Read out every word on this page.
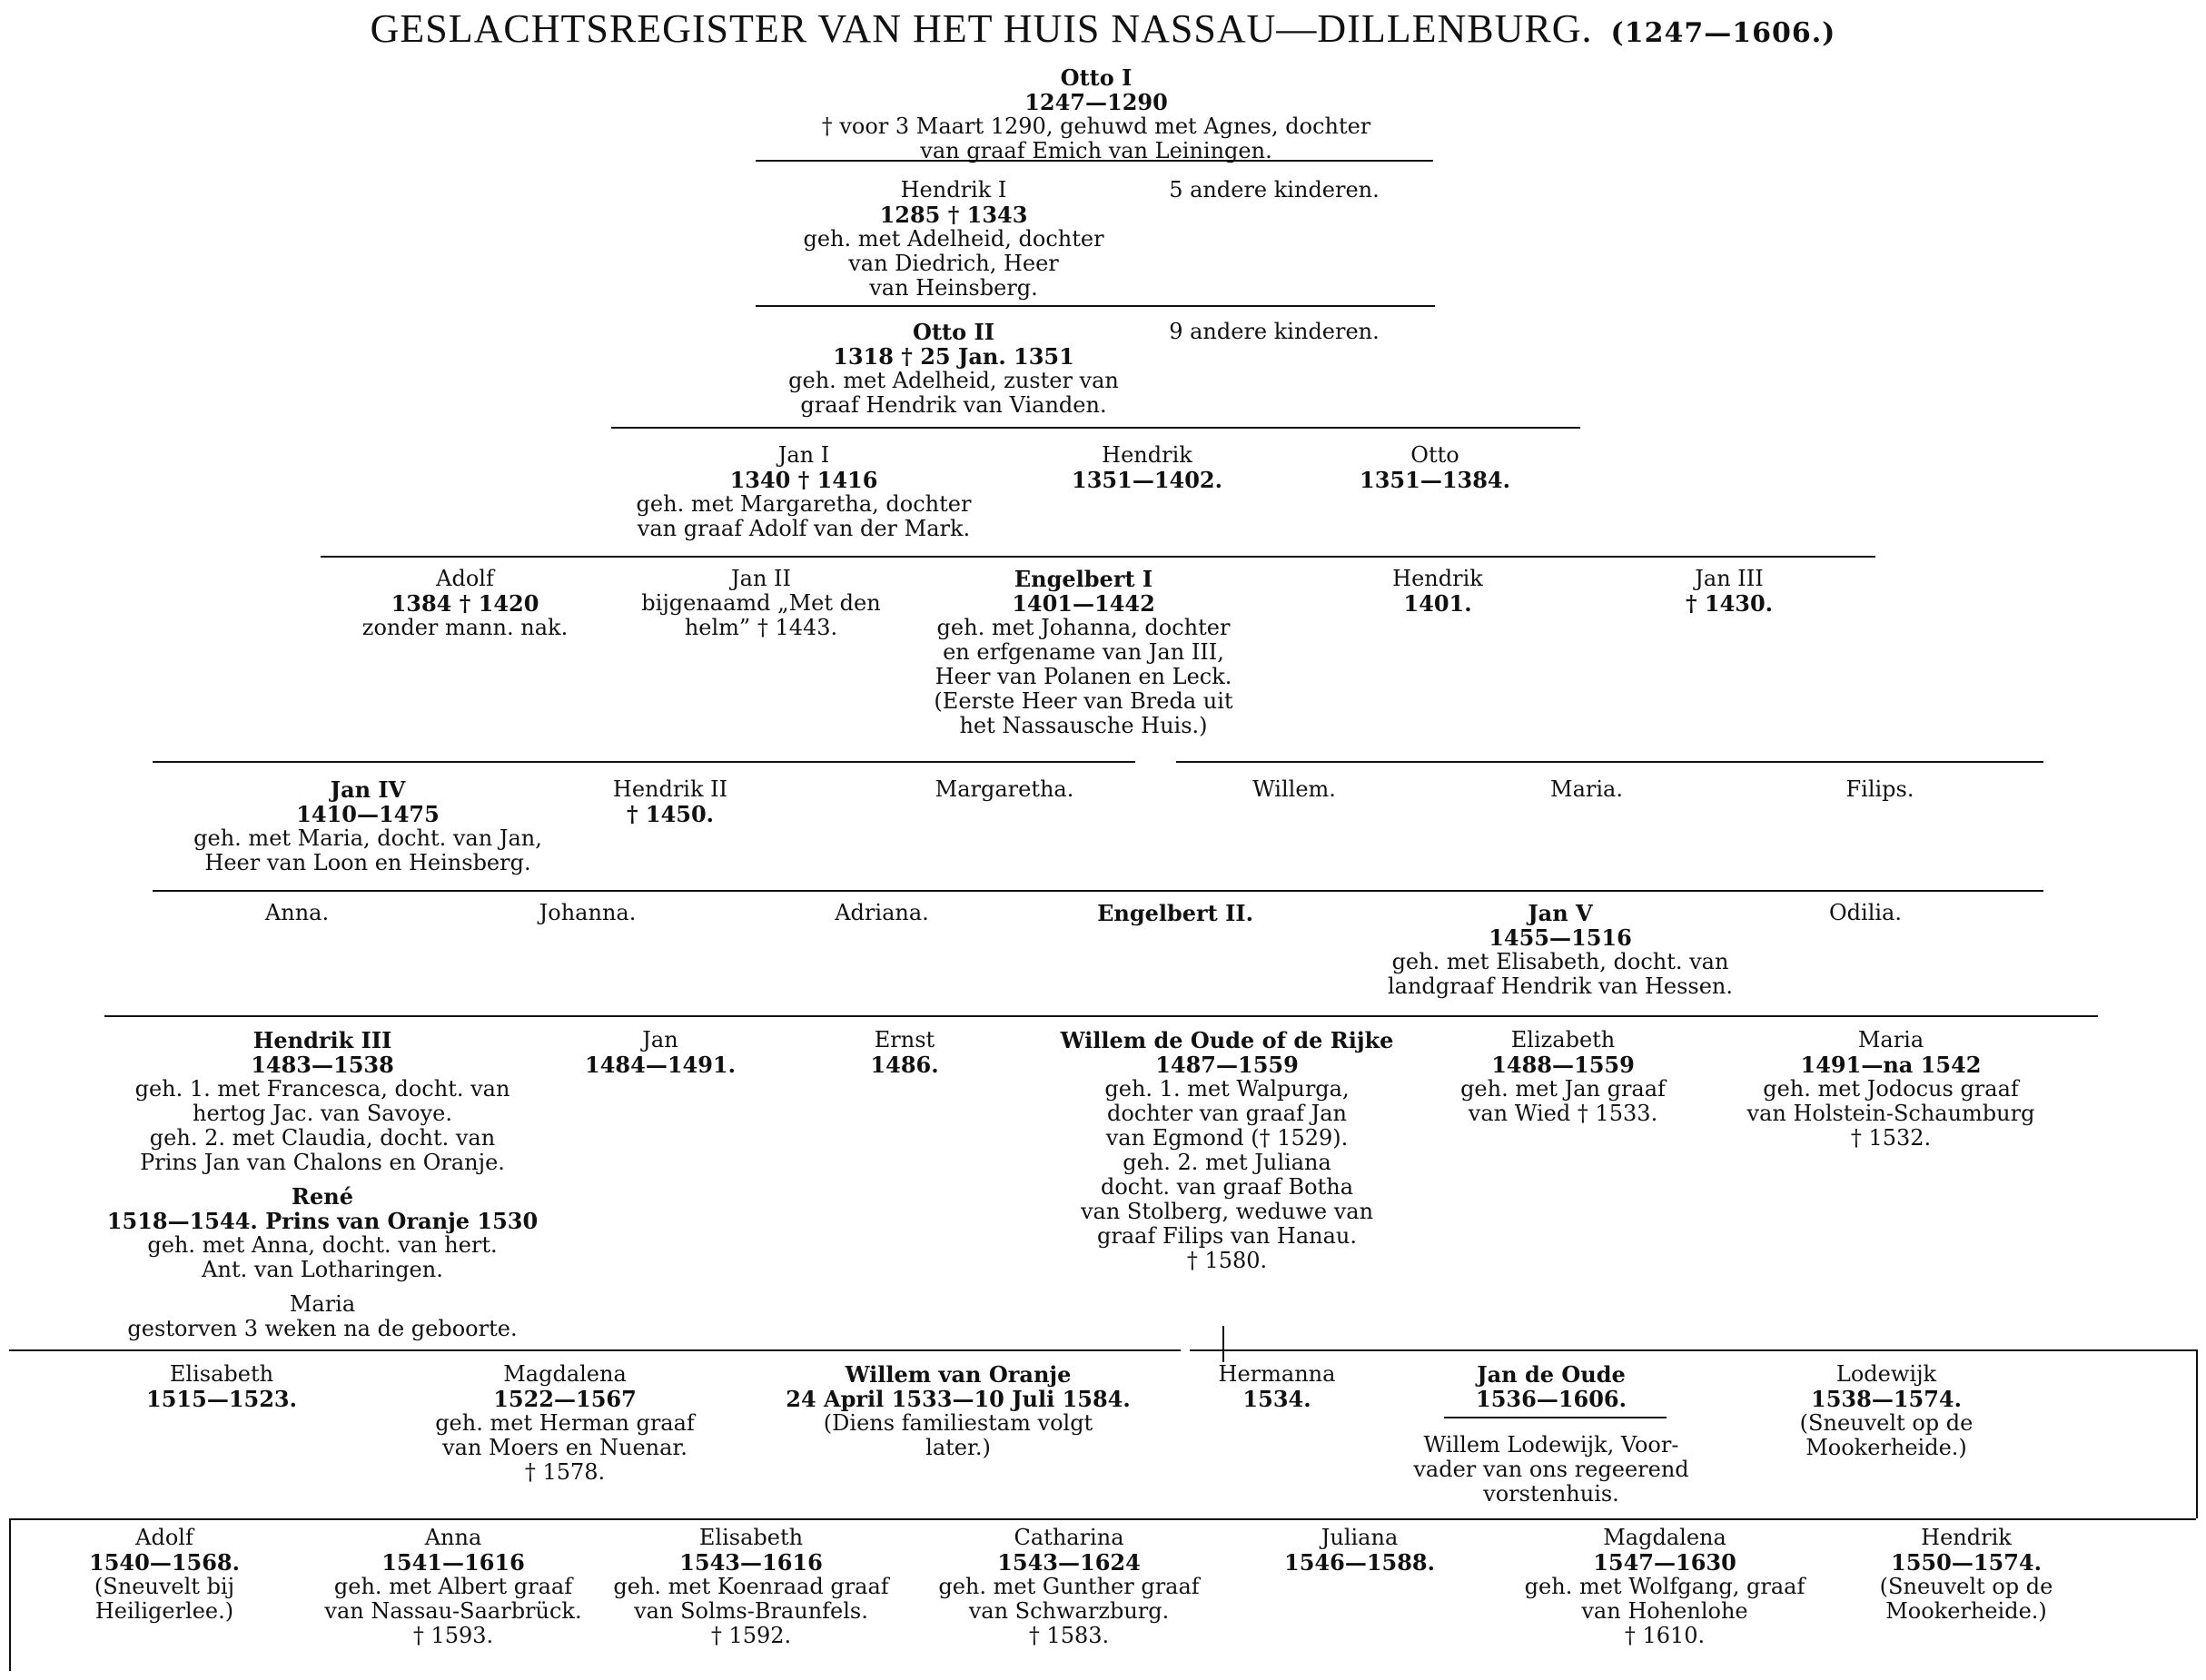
GESLACHTSREGISTER VAN HET HUIS NASSAU—DILLENBURG. (1247—1606.)
Otto I
1247—1290
† voor 3 Maart 1290, gehuwd met Agnes, dochter
van graaf Emich van Leiningen.
Hendrik I
1285 † 1343
geh. met Adelheid, dochter
van Diedrich, Heer
van Heinsberg.
5 andere kinderen.
Otto II
1318 † 25 Jan. 1351
geh. met Adelheid, zuster van
graaf Hendrik van Vianden.
9 andere kinderen.
Jan I
1340 † 1416
geh. met Margaretha, dochter
van graaf Adolf van der Mark.
Hendrik
1351—1402.
Otto
1351—1384.
Adolf
1384 † 1420
zonder mann. nak.
Jan II
bijgenaamd „Met den
helm” † 1443.
Engelbert I
1401—1442
geh. met Johanna, dochter
en erfgename van Jan III,
Heer van Polanen en Leck.
(Eerste Heer van Breda uit
het Nassausche Huis.)
Hendrik
1401.
Jan III
† 1430.
Jan IV
1410—1475
geh. met Maria, docht. van Jan,
Heer van Loon en Heinsberg.
Hendrik II
† 1450.
Margaretha.	Willem.	Maria.	Filips.
Anna.	Johanna.	Adriana.	Engelbert II.	Jan V
1455—1516
geh. met Elisabeth, docht. van
landgraaf Hendrik van Hessen.
Odilia.
Hendrik III
1483—1538
geh. 1. met Francesca, docht. van
hertog Jac. van Savoye.
geh. 2. met Claudia, docht. van
Prins Jan van Chalons en Oranje.
René
1518—1544. Prins van Oranje 1530
geh. met Anna, docht. van hert.
Ant. van Lotharingen.
Maria
gestorven 3 weken na de geboorte.
Jan
1484—1491.
Ernst
1486.
Willem de Oude of de Rijke
1487—1559
geh. 1. met Walpurga,
dochter van graaf Jan
van Egmond († 1529).
geh. 2. met Juliana
docht. van graaf Botha
van Stolberg, weduwe van
graaf Filips van Hanau.
† 1580.
Elizabeth
1488—1559
geh. met Jan graaf
van Wied † 1533.
Maria
1491—na 1542
geh. met Jodocus graaf
van Holstein-Schaumburg
† 1532.
Elisabeth
1515—1523.
Magdalena
1522—1567
geh. met Herman graaf
van Moers en Nuenar.
† 1578.
Willem van Oranje
24 April 1533—10 Juli 1584.
(Diens familiestam volgt
later.)
Hermanna
1534.
Jan de Oude
1536—1606.
Willem Lodewijk, Voor-
vader van ons regeerend
vorstenhuis.
Lodewijk
1538—1574.
(Sneuvelt op de
Mookerheide.)
Adolf
1540—1568.
(Sneuvelt bij
Heiligerlee.)
Anna
1541—1616
geh. met Albert graaf
van Nassau-Saarbrück.
† 1593.
Elisabeth
1543—1616
geh. met Koenraad graaf
van Solms-Braunfels.
† 1592.
Catharina
1543—1624
geh. met Gunther graaf
van Schwarzburg.
† 1583.
Juliana
1546—1588.
Magdalena
1547—1630
geh. met Wolfgang, graaf
van Hohenlohe
† 1610.
Hendrik
1550—1574.
(Sneuvelt op de
Mookerheide.)
